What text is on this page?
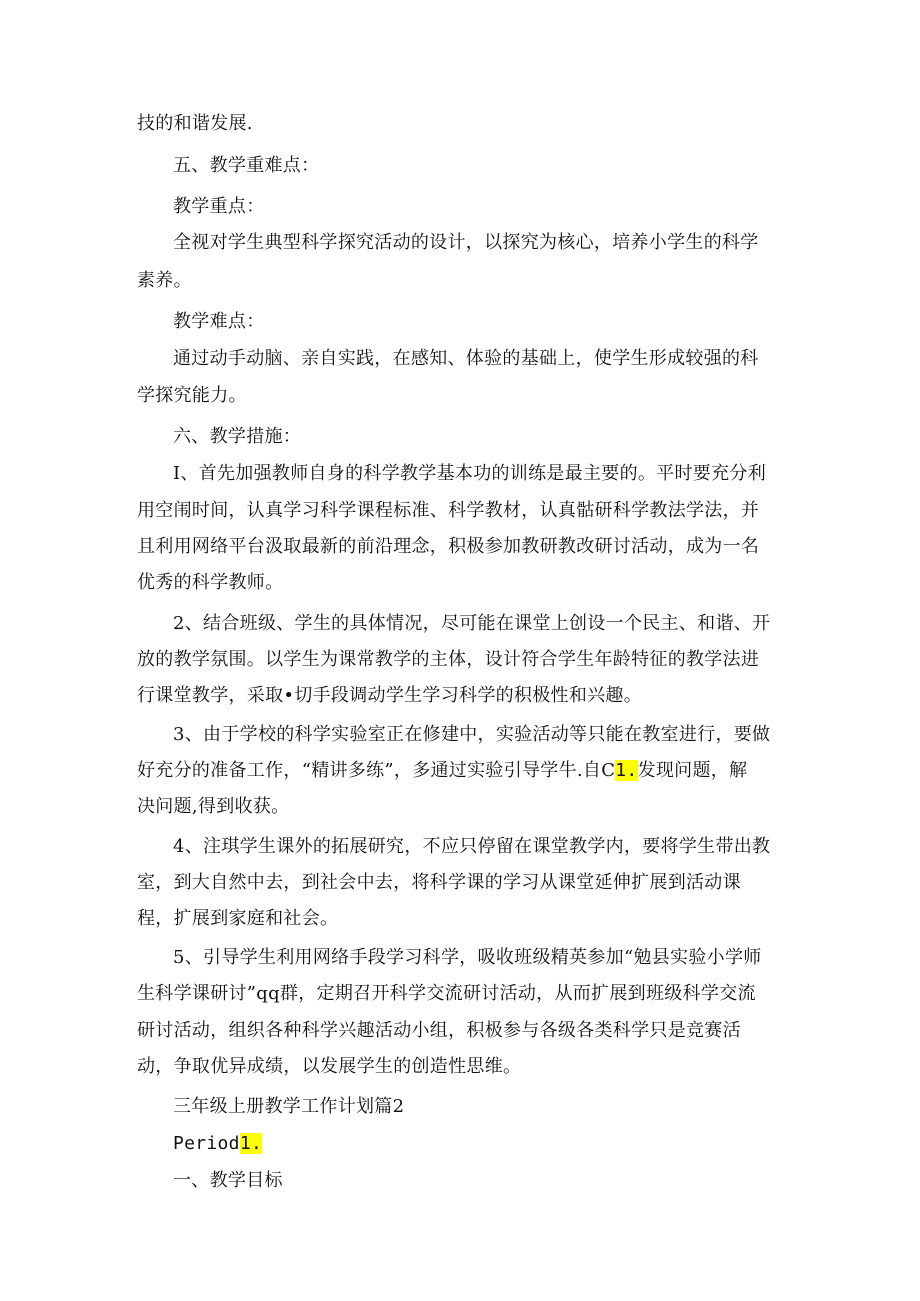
技的和谐发展.

五、教学重难点：

教学重点：

全视对学生典型科学探究活动的设计，以探究为核心，培养小学生的科学

素养。

教学难点：

通过动手动脑、亲自实践，在感知、体验的基础上，使学生形成较强的科

学探究能力。

六、教学措施：

I、首先加强教师自身的科学教学基本功的训练是最主要的。平时要充分利

用空闱时间，认真学习科学课程标准、科学教材，认真骷研科学教法学法，并

且利用网络平台汲取最新的前沿理念，积极参加教研教改研讨活动，成为一名

优秀的科学教师。

2、结合班级、学生的具体情况，尽可能在课堂上创设一个民主、和谐、开

放的教学氛围。以学生为课常教学的主体，设计符合学生年龄特征的教学法进

行课堂教学，采取•切手段调动学生学习科学的积极性和兴趣。

3、由于学校的科学实验室正在修建中，实验活动等只能在教室进行，要做

好充分的准备工作，“精讲多练”，多通过实验引导学牛.自C1.发现问题，解

决问题,得到收获。

4、注琪学生课外的拓展研究，不应只停留在课堂教学内，要将学生带出教

室，到大自然中去，到社会中去，将科学课的学习从课堂延伸扩展到活动课

程，扩展到家庭和社会。

5、引导学生利用网络手段学习科学，吸收班级精英参加“勉县实验小学师

生科学课研讨”qq群，定期召开科学交流研讨活动，从而扩展到班级科学交流

研讨活动，组织各种科学兴趣活动小组，积极参与各级各类科学只是竞赛活

动，争取优异成绩，以发展学生的创造性思维。

三年级上册教学工作计划篇2

Period1.

一、教学目标
